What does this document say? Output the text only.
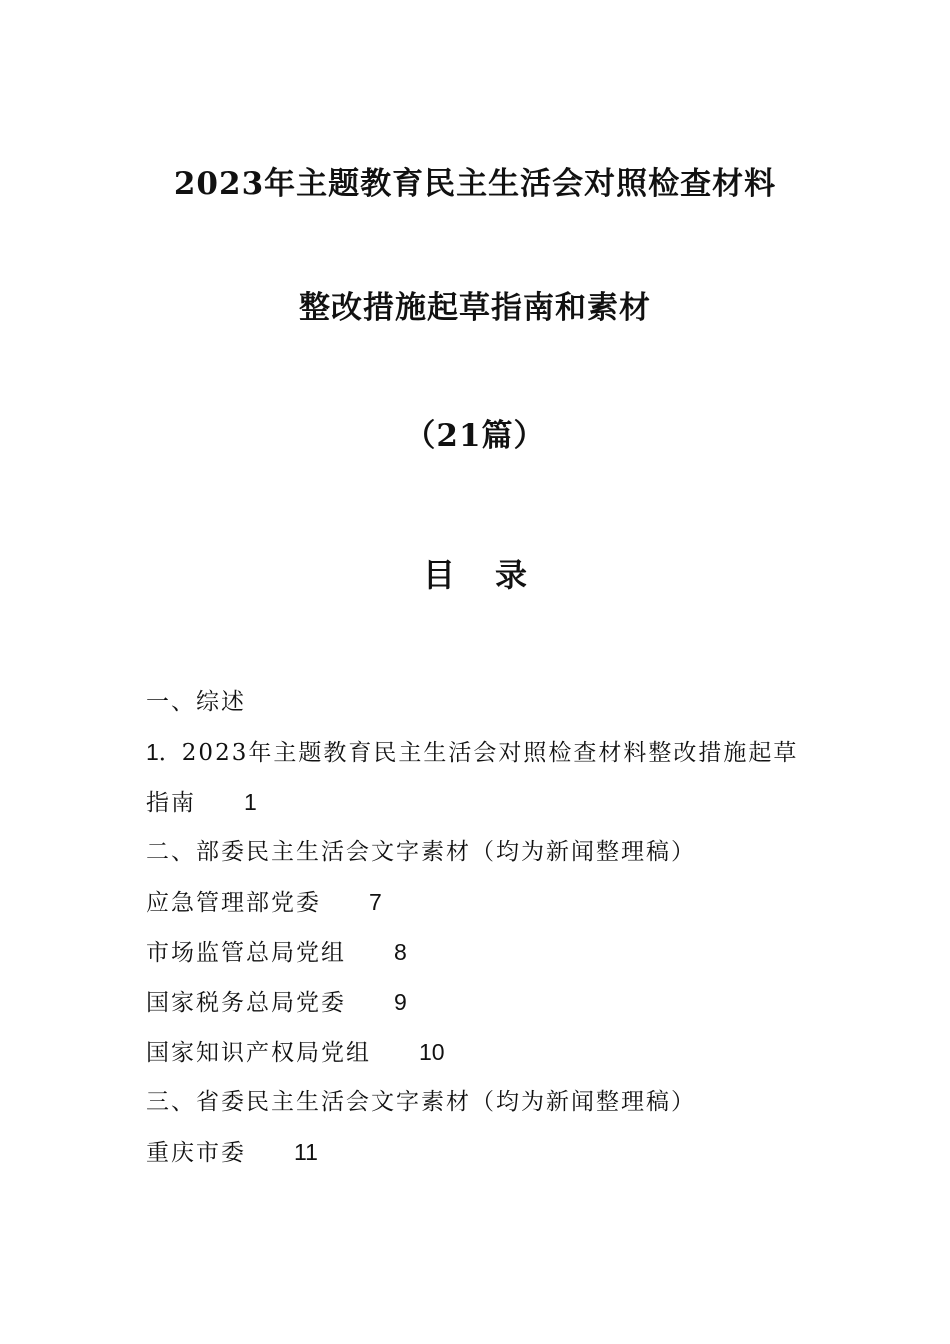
2023年主题教育民主生活会对照检查材料
整改措施起草指南和素材
（21篇）
目 录
一、综述
1．2023年主题教育民主生活会对照检查材料整改措施起草
指南 1
二、部委民主生活会文字素材（均为新闻整理稿）
应急管理部党委 7
市场监管总局党组 8
国家税务总局党委 9
国家知识产权局党组 10
三、省委民主生活会文字素材（均为新闻整理稿）
重庆市委 11
